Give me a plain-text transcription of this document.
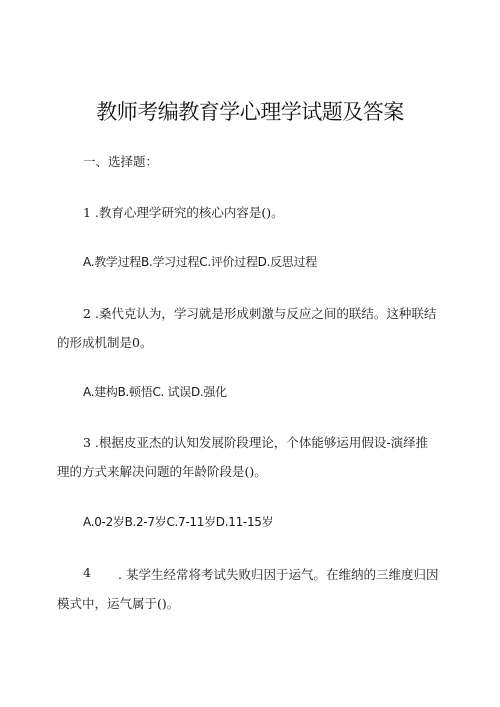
教师考编教育学心理学试题及答案
一、选择题：
1 .教育心理学研究的核心内容是()。
A.教学过程B.学习过程C.评价过程D.反思过程
2 .桑代克认为，学习就是形成刺激与反应之间的联结。这种联结
的形成机制是0。
A.建构B.顿悟C. 试误D.强化
3 .根据皮亚杰的认知发展阶段理论，个体能够运用假设-演绎推
理的方式来解决问题的年龄阶段是()。
A.0-2岁B.2-7岁C.7-11岁D.11-15岁
4 . 某学生经常将考试失败归因于运气。在维纳的三维度归因
模式中，运气属于()。
